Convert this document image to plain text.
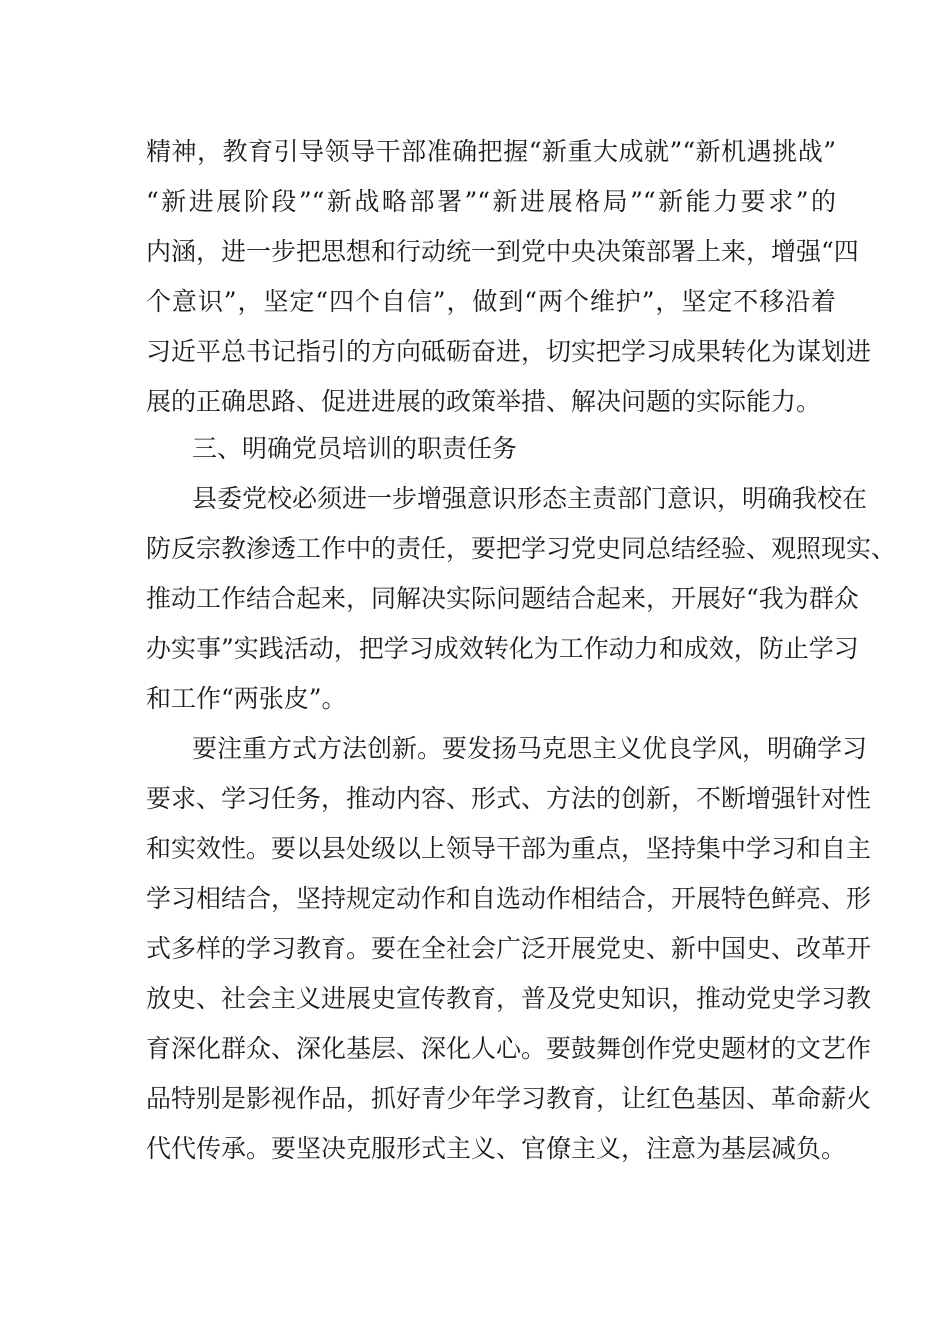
精神，教育引导领导干部准确把握“新重大成就”“新机遇挑战”
“新进展阶段”“新战略部署”“新进展格局”“新能力要求”的
内涵，进一步把思想和行动统一到党中央决策部署上来，增强“四
个意识”，坚定“四个自信”，做到“两个维护”，坚定不移沿着
习近平总书记指引的方向砥砺奋进，切实把学习成果转化为谋划进
展的正确思路、促进进展的政策举措、解决问题的实际能力。
三、明确党员培训的职责任务
县委党校必须进一步增强意识形态主责部门意识，明确我校在
防反宗教渗透工作中的责任，要把学习党史同总结经验、观照现实、
推动工作结合起来，同解决实际问题结合起来，开展好“我为群众
办实事”实践活动，把学习成效转化为工作动力和成效，防止学习
和工作“两张皮”。
要注重方式方法创新。要发扬马克思主义优良学风，明确学习
要求、学习任务，推动内容、形式、方法的创新，不断增强针对性
和实效性。要以县处级以上领导干部为重点，坚持集中学习和自主
学习相结合，坚持规定动作和自选动作相结合，开展特色鲜亮、形
式多样的学习教育。要在全社会广泛开展党史、新中国史、改革开
放史、社会主义进展史宣传教育，普及党史知识，推动党史学习教
育深化群众、深化基层、深化人心。要鼓舞创作党史题材的文艺作
品特别是影视作品，抓好青少年学习教育，让红色基因、革命薪火
代代传承。要坚决克服形式主义、官僚主义，注意为基层减负。
